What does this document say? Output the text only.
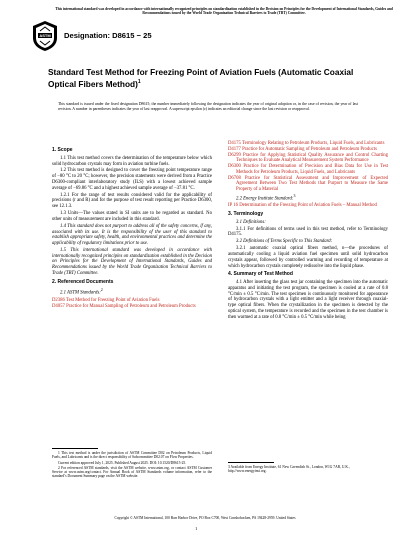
This international standard was developed in accordance with internationally recognized principles on standardization established in the Decision on Principles for the Development of International Standards, Guides and Recommendations issued by the World Trade Organization Technical Barriers to Trade (TBT) Committee.
ASTM Designation: D8615 − 25
Standard Test Method for Freezing Point of Aviation Fuels (Automatic Coaxial Optical Fibers Method)$^1$
This standard is issued under the fixed designation D8615; the number immediately following the designation indicates the year of original adoption or, in the case of revision, the year of last revision. A number in parentheses indicates the year of last reapproval. A superscript epsilon (ε) indicates an editorial change since the last revision or reapproval.

1. Scope

1.1 This test method covers the determination of the temperature below which solid hydrocarbon crystals may form in aviation turbine fuels.

1.2 This test method is designed to cover the freezing point temperature range of −80 °C to 20 °C; however, the precision statements were derived from a Practice D6300-compliant interlaboratory study (ILS) with a lowest achieved sample average of −69.86 °C and a highest achieved sample average of −37.81 °C.

1.2.1 For the range of test results considered valid for the applicability of precisions (r and R) and for the purpose of test result reporting per Practice D6300, see 12.1.3.

1.3 Units—The values stated in SI units are to be regarded as standard. No other units of measurement are included in this standard.

1.4 This standard does not purport to address all of the safety concerns, if any, associated with its use. It is the responsibility of the user of this standard to establish appropriate safety, health, and environmental practices and determine the applicability of regulatory limitations prior to use.

1.5 This international standard was developed in accordance with internationally recognized principles on standardization established in the Decision on Principles for the Development of International Standards, Guides and Recommendations issued by the World Trade Organization Technical Barriers to Trade (TBT) Committee.

2. Referenced Documents

2.1 ASTM Standards:$^2$

D2386 Test Method for Freezing Point of Aviation Fuels

D4057 Practice for Manual Sampling of Petroleum and Petroleum Products

1 This test method is under the jurisdiction of ASTM Committee D02 on Petroleum Products, Liquid Fuels, and Lubricants and is the direct responsibility of Subcommittee D02.07 on Flow Properties.

Current edition approved July 1, 2025. Published August 2025. DOI: 10.1520/D8615-25.

2 For referenced ASTM standards, visit the ASTM website, www.astm.org, or contact ASTM Customer Service at www.astm.org/contact. For Annual Book of ASTM Standards volume information, refer to the standard’s Document Summary page on the ASTM website.

D4175 Terminology Relating to Petroleum Products, Liquid Fuels, and Lubricants

D4177 Practice for Automatic Sampling of Petroleum and Petroleum Products

D6299 Practice for Applying Statistical Quality Assurance and Control Charting Techniques to Evaluate Analytical Measurement System Performance

D6300 Practice for Determination of Precision and Bias Data for Use in Test Methods for Petroleum Products, Liquid Fuels, and Lubricants

D6708 Practice for Statistical Assessment and Improvement of Expected Agreement Between Two Test Methods that Purport to Measure the Same Property of a Material

2.2 Energy Institute Standard:$^3$

IP 16 Determination of the Freezing Point of Aviation Fuels – Manual Method

3. Terminology

3.1 Definitions:

3.1.1 For definitions of terms used in this test method, refer to Terminology D4175.

3.2 Definitions of Terms Specific to This Standard:

3.2.1 automatic coaxial optical fibers method, n—the procedures of automatically cooling a liquid aviation fuel specimen until solid hydrocarbon crystals appear, followed by controlled warming and recording of temperature at which hydrocarbon crystals completely redissolve into the liquid phase.

4. Summary of Test Method

4.1 After inserting the glass test jar containing the specimen into the automatic apparatus and initiating the test program, the specimen is cooled at a rate of 0.8 °C/min ± 0.5 °C/min. The test specimen is continuously monitored for appearance of hydrocarbon crystals with a light emitter and a light receiver through coaxial-type optical fibers. When the crystallization in the specimen is detected by the optical system, the temperature is recorded and the specimen in the test chamber is then warmed at a rate of 0.8 °C/min ± 0.5 °C/min while being

3 Available from Energy Institute, 61 New Cavendish St., London, W1G 7AR, U.K., http://www.energyinst.org.
Copyright © ASTM International, 100 Barr Harbor Drive, PO Box C700, West Conshohocken, PA 19428-2959. United States
1
